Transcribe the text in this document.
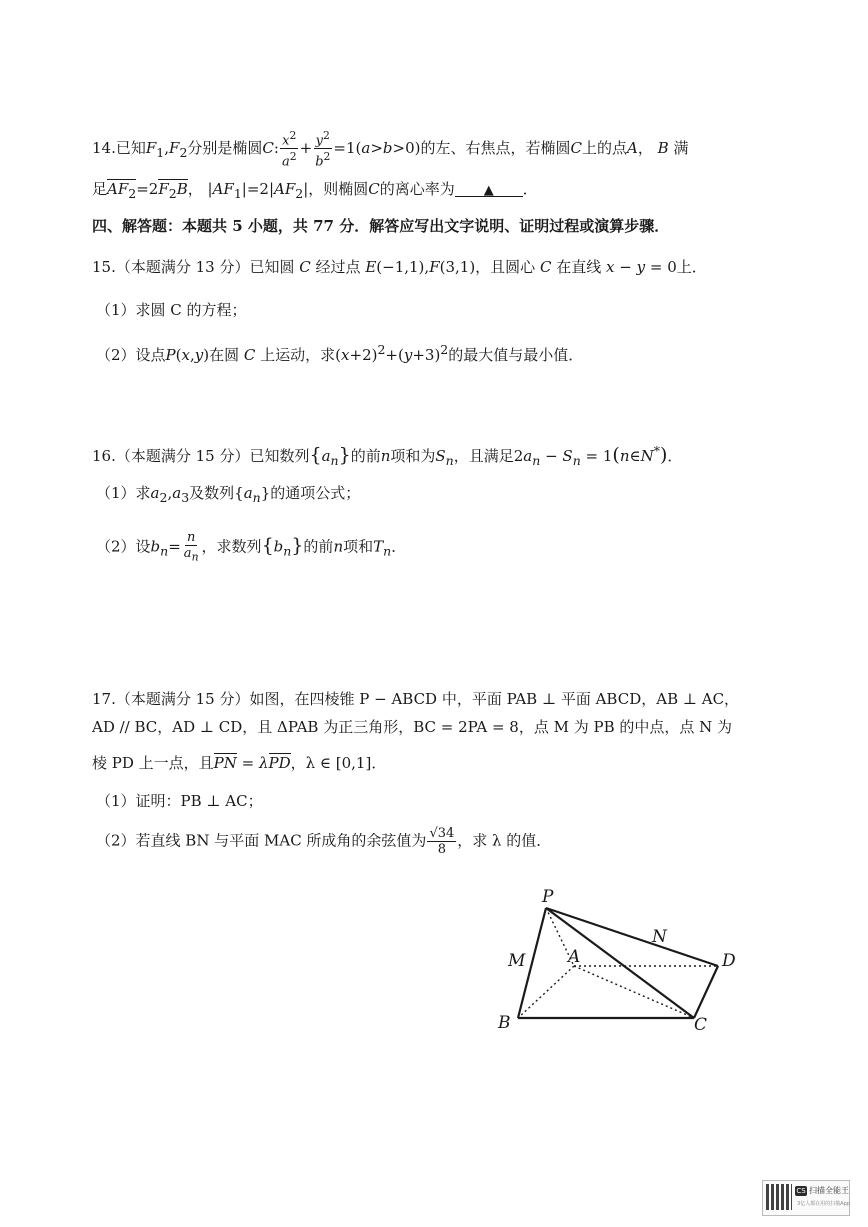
14.已知$F_1,F_2$分别是椭圆C: $\frac{x^2}{a^2} + \frac{y^2}{b^2} =1(a>b>0)$的左、右焦点，若椭圆C上的点A， B 满
足$AF_2=2F_2B$， $|AF_1|=2|AF_2|$，则椭圆C的离心率为 ▲ ．
四、解答题：本题共 5 小题，共 77 分．解答应写出文字说明、证明过程或演算步骤．
15.（本题满分 13 分）已知圆 C 经过点 E(−1,1),F(3,1)，且圆心 C 在直线 x − y = 0上．
（1）求圆 C 的方程；
（2）设点P(x,y)在圆 C 上运动，求$(x+2)^2+(y+3)^2$的最大值与最小值．
16.（本题满分 15 分）已知数列$\{a_n\}$的前n项和为$S_n$，且满足$2a_n - S_n$ = 1(n∈N*)．
（1）求$a_2,a_3$及数列$\{a_n\}$的通项公式；
（2）设$b_n= \frac{n}{a_n}$ ，求数列$\{b_n\}$的前n项和$T_n$．
17.（本题满分 15 分）如图，在四棱锥 P − ABCD 中，平面 PAB ⊥ 平面 ABCD，AB ⊥ AC，
AD // BC，AD ⊥ CD，且 ΔPAB 为正三角形，BC = 2PA = 8，点 M 为 PB 的中点，点 N 为
棱 PD 上一点，且PN = λPD，λ ∈ [0,1]．
（1）证明：PB ⊥ AC；
（2）若直线 BN 与平面 MAC 所成角的余弦值为 $\frac{√34}{8}$ ，求 λ 的值．
P
M	A
N
D
B	C
CS 扫描全能王
3亿人都在用的扫描App
